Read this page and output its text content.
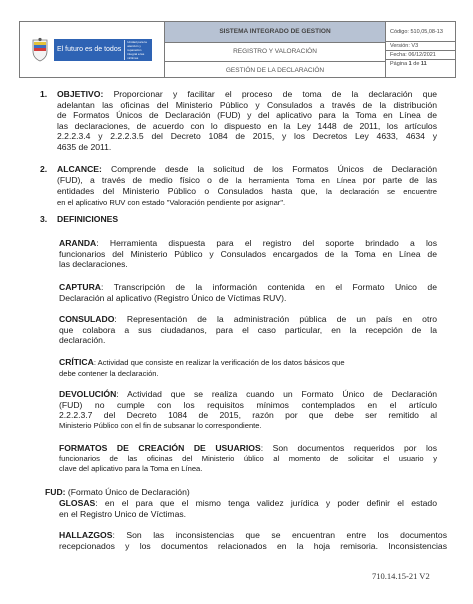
El futuro es de todos
Unidad para la atención y reparación integral a las víctimas
SISTEMA INTEGRADO DE GESTION
REGISTRO Y VALORACIÓN
GESTIÓN DE LA DECLARACIÓN
Código: 510,05,08-13
Versión: V3
Fecha: 06/12/2021
Página 1 de 11
1. OBJETIVO: Proporcionar y facilitar el proceso de toma de la declaración que
adelantan las oficinas del Ministerio Público y Consulados a través de la distribución
de Formatos Únicos de Declaración (FUD) y del aplicativo para la Toma en Línea de
las declaraciones, de acuerdo con lo dispuesto en la Ley 1448 de 2011, los artículos
2.2.2.3.4 y 2.2.2.3.5 del Decreto 1084 de 2015, y los Decretos Ley 4633, 4634 y
4635 de 2011.
2. ALCANCE: Comprende desde la solicitud de los Formatos Únicos de Declaración
(FUD), a través de medio físico o de la herramienta Toma en Línea por parte de las
entidades del Ministerio Público o Consulados hasta que, la declaración se encuentre
en el aplicativo RUV con estado "Valoración pendiente por asignar".
3. DEFINICIONES
ARANDA: Herramienta dispuesta para el registro del soporte brindado a los
funcionarios del Ministerio Público y Consulados encargados de la Toma en Línea de
las declaraciones.
CAPTURA: Transcripción de la información contenida en el Formato Unico de
Declaración al aplicativo (Registro Único de Víctimas RUV).
CONSULADO: Representación de la administración pública de un país en otro
que colabora a sus ciudadanos, para el caso particular, en la recepción de la
declaración.
CRÍTICA: Actividad que consiste en realizar la verificación de los datos básicos que
debe contener la declaración.
DEVOLUCIÓN: Actividad que se realiza cuando un Formato Único de Declaración
(FUD) no cumple con los requisitos mínimos contemplados en el artículo
2.2.2.3.7 del Decreto 1084 de 2015, razón por que debe ser remitido al
Ministerio Público con el fin de subsanar lo correspondiente.
FORMATOS DE CREACIÓN DE USUARIOS: Son documentos requeridos por los
funcionarios de las oficinas del Ministerio úblico al momento de solicitar el usuario y
clave del aplicativo para la Toma en Línea.
FUD: (Formato Único de Declaración)
GLOSAS: en el para que el mismo tenga validez jurídica y poder definir el estado
en el Registro Unico de Víctimas.
HALLAZGOS: Son las inconsistencias que se encuentran entre los documentos
recepcionados y los documentos relacionados en la hoja remisoria. Inconsistencias
710.14.15-21 V2
